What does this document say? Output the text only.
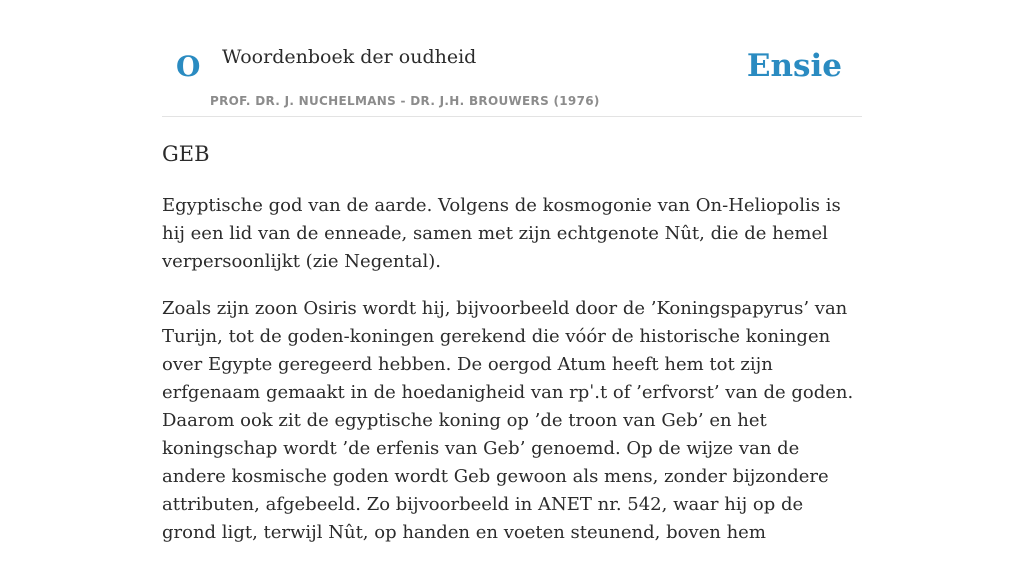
O Woordenboek der oudheid
PROF. DR. J. NUCHELMANS - DR. J.H. BROUWERS (1976)
Ensie
GEB

Egyptische god van de aarde. Volgens de kosmogonie van On-Heliopolis is hij een lid van de enneade, samen met zijn echtgenote Nût, die de hemel verpersoonlijkt (zie Negental).

Zoals zijn zoon Osiris wordt hij, bijvoorbeeld door de ’Koningspapyrus’ van Turijn, tot de goden-koningen gerekend die vóór de historische koningen over Egypte geregeerd hebben. De oergod Atum heeft hem tot zijn erfgenaam gemaakt in de hoedanigheid van rpˈ.t of ’erfvorst’ van de goden. Daarom ook zit de egyptische koning op ’de troon van Geb’ en het koningschap wordt ’de erfenis van Geb’ genoemd. Op de wijze van de andere kosmische goden wordt Geb gewoon als mens, zonder bijzondere attributen, afgebeeld. Zo bijvoorbeeld in ANET nr. 542, waar hij op de grond ligt, terwijl Nût, op handen en voeten steunend, boven hem
